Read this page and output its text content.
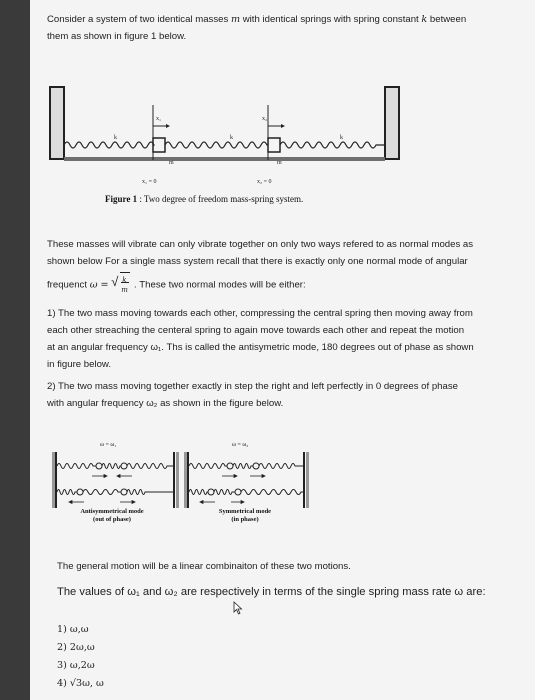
Consider a system of two identical masses m with identical springs with spring constant k between
them as shown in figure 1 below.
k	k	k
x₁	x₂
m	m
x₁ = 0	x₂ = 0
Figure 1 : Two degree of freedom mass-spring system.
These masses will vibrate can only vibrate together on only two ways refered to as normal modes as
shown below For a single mass system recall that there is exactly only one normal mode of angular
frequenct ω = √ k
m . These two normal modes will be either:
1) The two mass moving towards each other, compressing the central spring then moving away from
each other streaching the centeral spring to again move towards each other and repeat the motion
at an angular frequency ω₁. Ths is called the antisymetric mode, 180 degrees out of phase as shown
in figure below.
2) The two mass moving together exactly in step the right and left perfectly in 0 degrees of phase
with angular frequency ω₂ as shown in the figure below.
ω = ω₁	ω = ω₂
Antisymmetrical mode
(out of phase)
Symmetrical mode
(in phase)
The general motion will be a linear combinaiton of these two motions.
The values of ω₁ and ω₂ are respectively in terms of the single spring mass rate ω are:
1) ω,ω
2) 2ω,ω
3) ω,2ω
4) √3ω, ω
